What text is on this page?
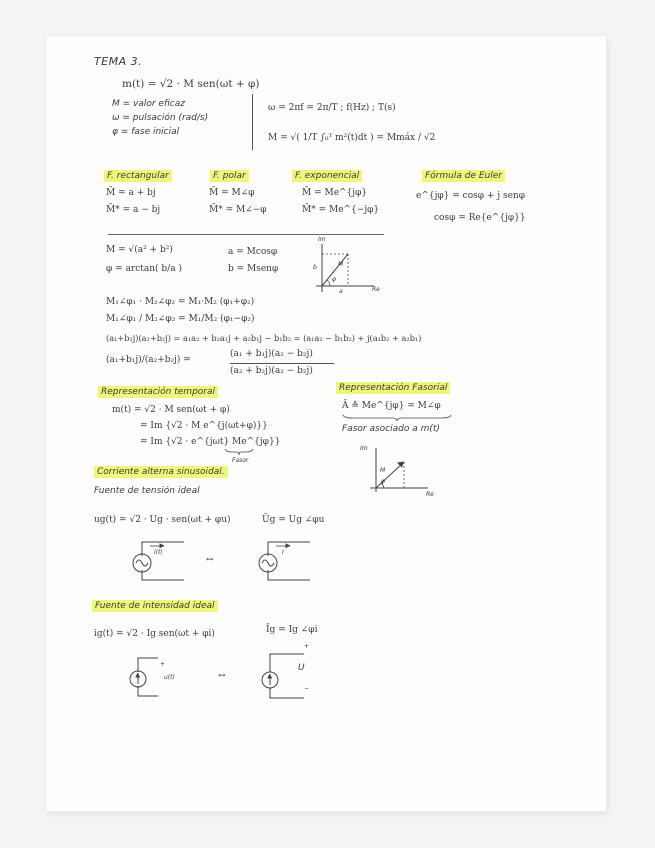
TEMA 3.
m(t) = √2 · M sen(ωt + φ)
M = valor eficaz
ω = pulsación (rad/s)
φ = fase inicial
ω = 2πf = 2π/T ; f(Hz) ; T(s)
M = √( 1/T ∫₀ᵀ m²(t)dt ) = Mmáx / √2
F. rectangular
M̄ = a + bj
M̄* = a − bj
F. polar
M̄ = M∠φ
M̄* = M∠−φ
F. exponencial
M̄ = Me^{jφ}
M̄* = Me^{−jφ}
Fórmula de Euler
e^{jφ} = cosφ + j senφ
cosφ = Re{e^{jφ}}
M = √(a² + b²)
φ = arctan( b/a )
a = Mcosφ
b = Msenφ
Im
Re
b
a
M
φ
M₁∠φ₁ · M₂∠φ₂ = M₁·M₂ (φ₁+φ₂)
M₁∠φ₁ / M₂∠φ₂ = M₁/M₂ (φ₁−φ₂)
(a₁+b₁j)(a₂+b₂j) = a₁a₂ + b₂a₁j + a₂b₁j − b₁b₂ = (a₁a₂ − b₁b₂) + j(a₁b₂ + a₂b₁)
(a₁+b₁j)/(a₂+b₂j) =
(a₁ + b₁j)(a₂ − b₂j)
(a₂ + b₂j)(a₂ − b₂j)
Representación temporal
m(t) = √2 · M sen(ωt + φ)
= Im {√2 · M e^{j(ωt+φ)}}
= Im {√2 · e^{jωt} Me^{jφ}}
Fasor
Representación Fasorial
Ā ≙ Me^{jφ} = M∠φ
Fasor asociado a m(t)
Im
Re
M
φ
Corriente alterna sinusoidal.
Fuente de tensión ideal
ug(t) = √2 · Ug · sen(ωt + φu)	Ūg = Ug ∠φu
i(t)
↔
I
Fuente de intensidad ideal
ig(t) = √2 · Ig sen(ωt + φi)	Īg = Ig ∠φi
+
u(t)	↔
+
U
−
